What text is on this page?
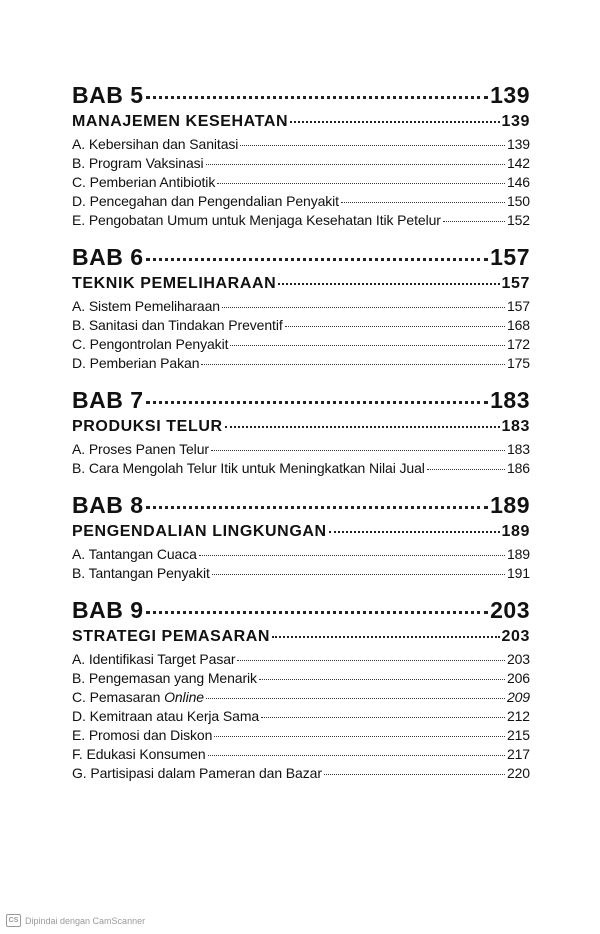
BAB 5	139
MANAJEMEN KESEHATAN	139
A. Kebersihan dan Sanitasi	139
B. Program Vaksinasi	142
C. Pemberian Antibiotik	146
D. Pencegahan dan Pengendalian Penyakit	150
E. Pengobatan Umum untuk Menjaga Kesehatan Itik Petelur	152
BAB 6	157
TEKNIK PEMELIHARAAN	157
A. Sistem Pemeliharaan	157
B. Sanitasi dan Tindakan Preventif	168
C. Pengontrolan Penyakit	172
D. Pemberian Pakan	175
BAB 7	183
PRODUKSI TELUR	183
A. Proses Panen Telur	183
B. Cara Mengolah Telur Itik untuk Meningkatkan Nilai Jual	186
BAB 8	189
PENGENDALIAN LINGKUNGAN	189
A. Tantangan Cuaca	189
B. Tantangan Penyakit	191
BAB 9	203
STRATEGI PEMASARAN	203
A. Identifikasi Target Pasar	203
B. Pengemasan yang Menarik	206
C. Pemasaran Online	209
D. Kemitraan atau Kerja Sama	212
E. Promosi dan Diskon	215
F. Edukasi Konsumen	217
G. Partisipasi dalam Pameran dan Bazar	220
CS Dipindai dengan CamScanner
